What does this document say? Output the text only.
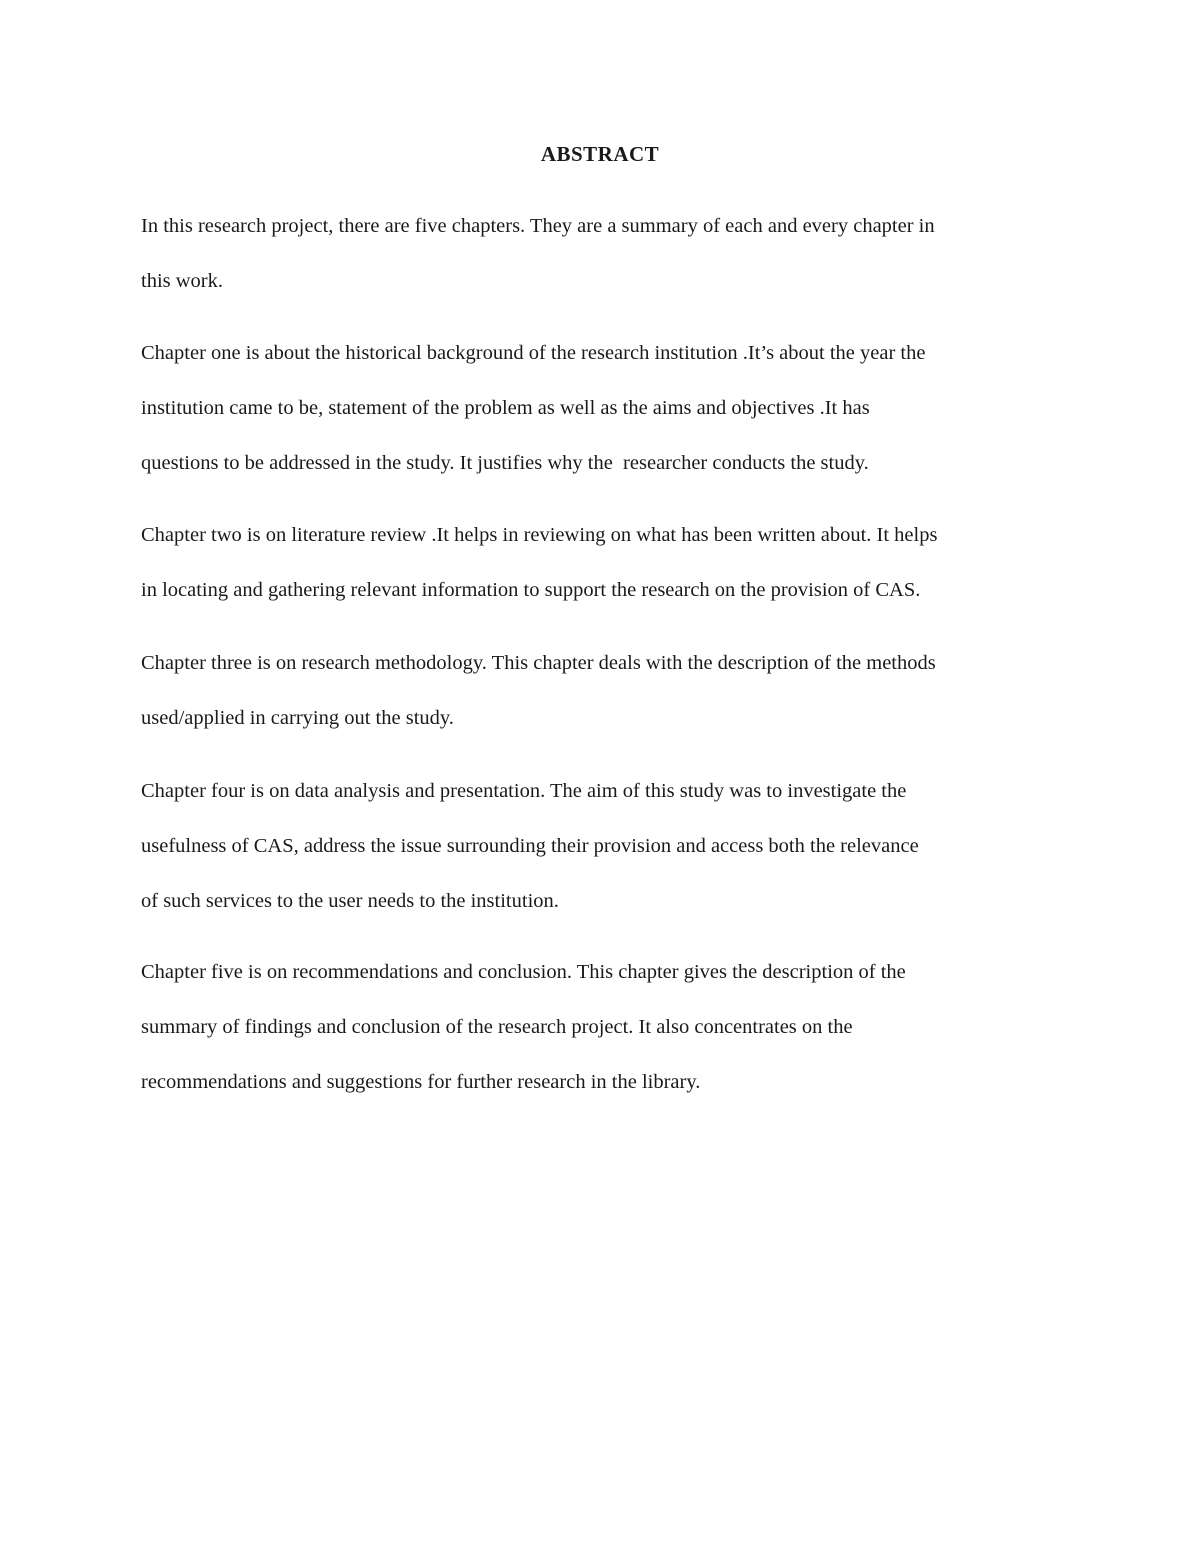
ABSTRACT
In this research project, there are five chapters. They are a summary of each and every chapter in
this work.
Chapter one is about the historical background of the research institution .It’s about the year the
institution came to be, statement of the problem as well as the aims and objectives .It has
questions to be addressed in the study. It justifies why the  researcher conducts the study.
Chapter two is on literature review .It helps in reviewing on what has been written about. It helps
in locating and gathering relevant information to support the research on the provision of CAS.
Chapter three is on research methodology. This chapter deals with the description of the methods
used/applied in carrying out the study.
Chapter four is on data analysis and presentation. The aim of this study was to investigate the
usefulness of CAS, address the issue surrounding their provision and access both the relevance
of such services to the user needs to the institution.
Chapter five is on recommendations and conclusion. This chapter gives the description of the
summary of findings and conclusion of the research project. It also concentrates on the
recommendations and suggestions for further research in the library.
